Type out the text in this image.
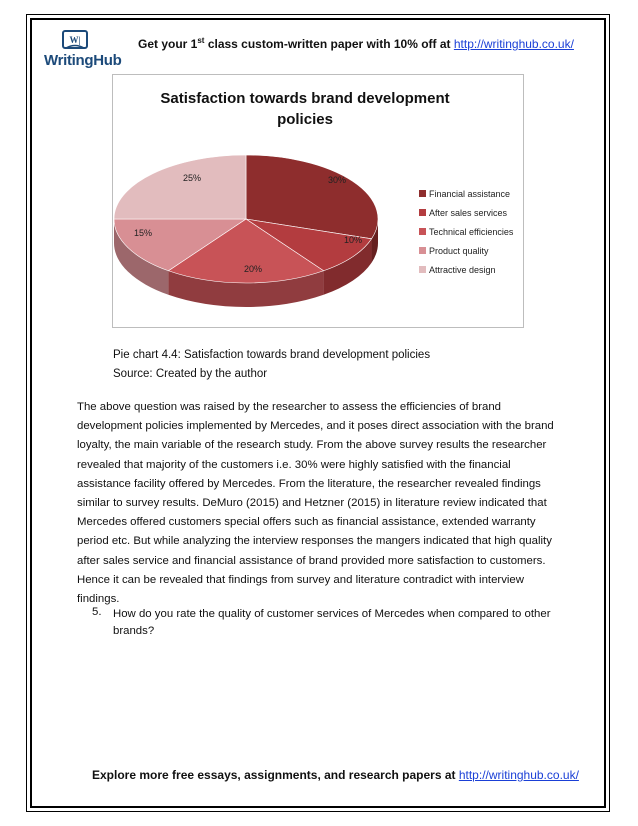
W|
WritingHub
Get your 1st class custom-written paper with 10% off at http://writinghub.co.uk/
Satisfaction towards brand development
policies
30%
10%
20%
15%
25%
Financial assistance
After sales services
Technical efficiencies
Product quality
Attractive design
Pie chart 4.4: Satisfaction towards brand development policies
Source: Created by the author
The above question was raised by the researcher to assess the efficiencies of brand
development policies implemented by Mercedes, and it poses direct association with the brand
loyalty, the main variable of the research study. From the above survey results the researcher
revealed that majority of the customers i.e. 30% were highly satisfied with the financial
assistance facility offered by Mercedes. From the literature, the researcher revealed findings
similar to survey results. DeMuro (2015) and Hetzner (2015) in literature review indicated that
Mercedes offered customers special offers such as financial assistance, extended warranty
period etc. But while analyzing the interview responses the mangers indicated that high quality
after sales service and financial assistance of brand provided more satisfaction to customers.
Hence it can be revealed that findings from survey and literature contradict with interview
findings.
5. How do you rate the quality of customer services of Mercedes when compared to other brands?
Explore more free essays, assignments, and research papers at http://writinghub.co.uk/
